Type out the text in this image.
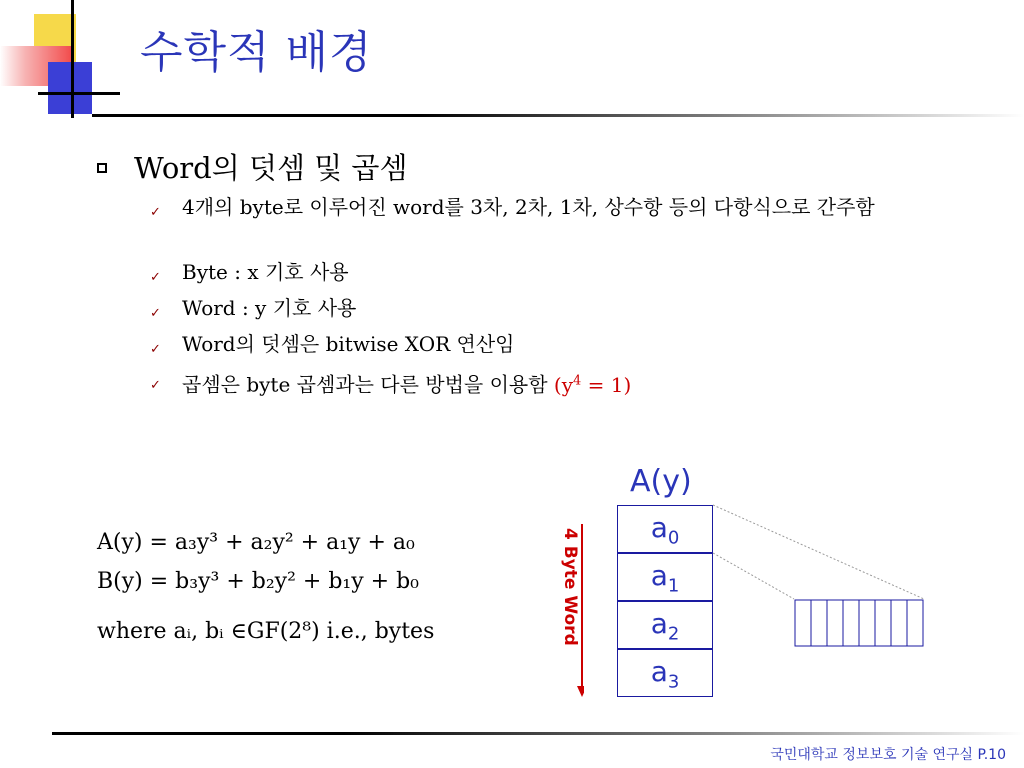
수학적 배경
Word의 덧셈 및 곱셈
✓ 4개의 byte로 이루어진 word를 3차, 2차, 1차, 상수항 등의 다항식으로 간주함
✓ Byte : x 기호 사용
✓ Word : y 기호 사용
✓ Word의 덧셈은 bitwise XOR 연산임
✓ 곱셈은 byte 곱셈과는 다른 방법을 이용함 $(y^4 = 1)$
A(y) = a₃y³ + a₂y² + a₁y + a₀
B(y) = b₃y³ + b₂y² + b₁y + b₀
where aᵢ, bᵢ ∈GF(2⁸) i.e., bytes
A(y)
$a_0$
$a_1$
$a_2$
$a_3$
4 Byte Word
국민대학교 정보보호 기술 연구실 P.10
